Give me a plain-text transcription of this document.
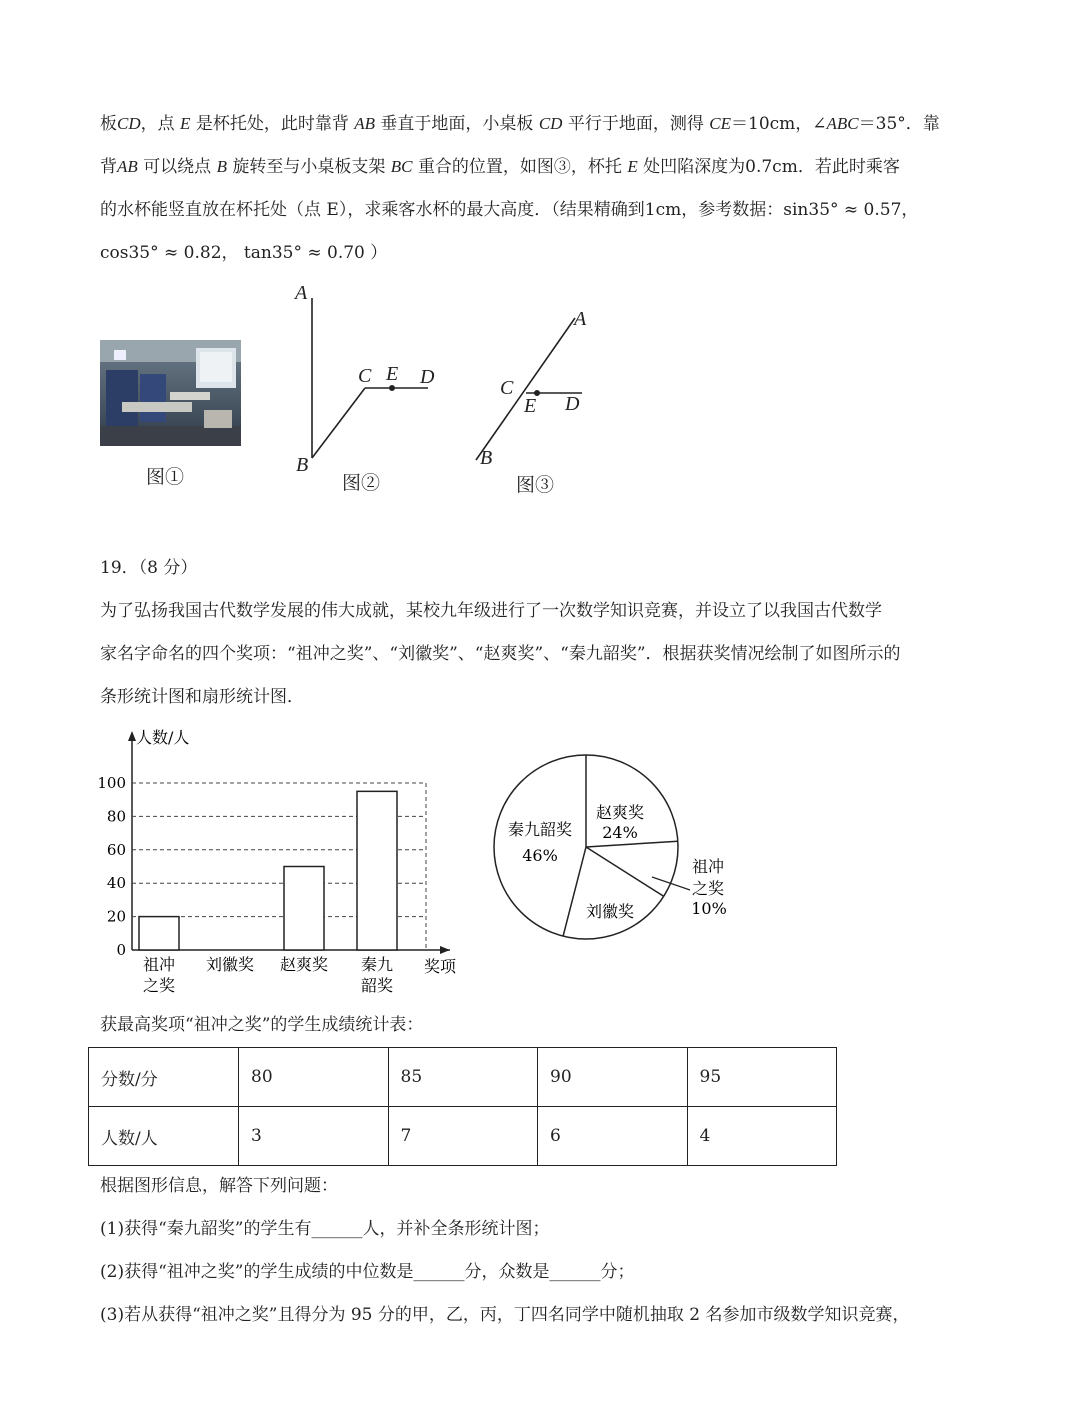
板CD，点 E 是杯托处，此时靠背 AB 垂直于地面，小桌板 CD 平行于地面，测得 CE＝10cm，∠ABC＝35°．靠
背AB 可以绕点 B 旋转至与小桌板支架 BC 重合的位置，如图③，杯托 E 处凹陷深度为0.7cm．若此时乘客
的水杯能竖直放在杯托处（点 E），求乘客水杯的最大高度．（结果精确到1cm，参考数据：sin35° ≈ 0.57，
cos35° ≈ 0.82， tan35° ≈ 0.70 ）
图①
A
B
C E D
图②
A
C
E D
B
图③
19．（8 分）
为了弘扬我国古代数学发展的伟大成就，某校九年级进行了一次数学知识竞赛，并设立了以我国古代数学
家名字命名的四个奖项：“祖冲之奖”、“刘徽奖”、“赵爽奖”、“秦九韶奖”．根据获奖情况绘制了如图所示的
条形统计图和扇形统计图．
人数/人
奖项
0
20
40
60
80
100
祖冲
之奖
刘徽奖 赵爽奖 秦九
韶奖
赵爽奖
24%
刘徽奖
秦九韶奖
46%
祖冲
之奖
10%
获最高奖项“祖冲之奖”的学生成绩统计表：
分数/分	80	85	90	95
人数/人	3	7	6	4
根据图形信息，解答下列问题：
(1)获得“秦九韶奖”的学生有______人，并补全条形统计图；
(2)获得“祖冲之奖”的学生成绩的中位数是______分，众数是______分；
(3)若从获得“祖冲之奖”且得分为 95 分的甲，乙，丙，丁四名同学中随机抽取 2 名参加市级数学知识竞赛，
